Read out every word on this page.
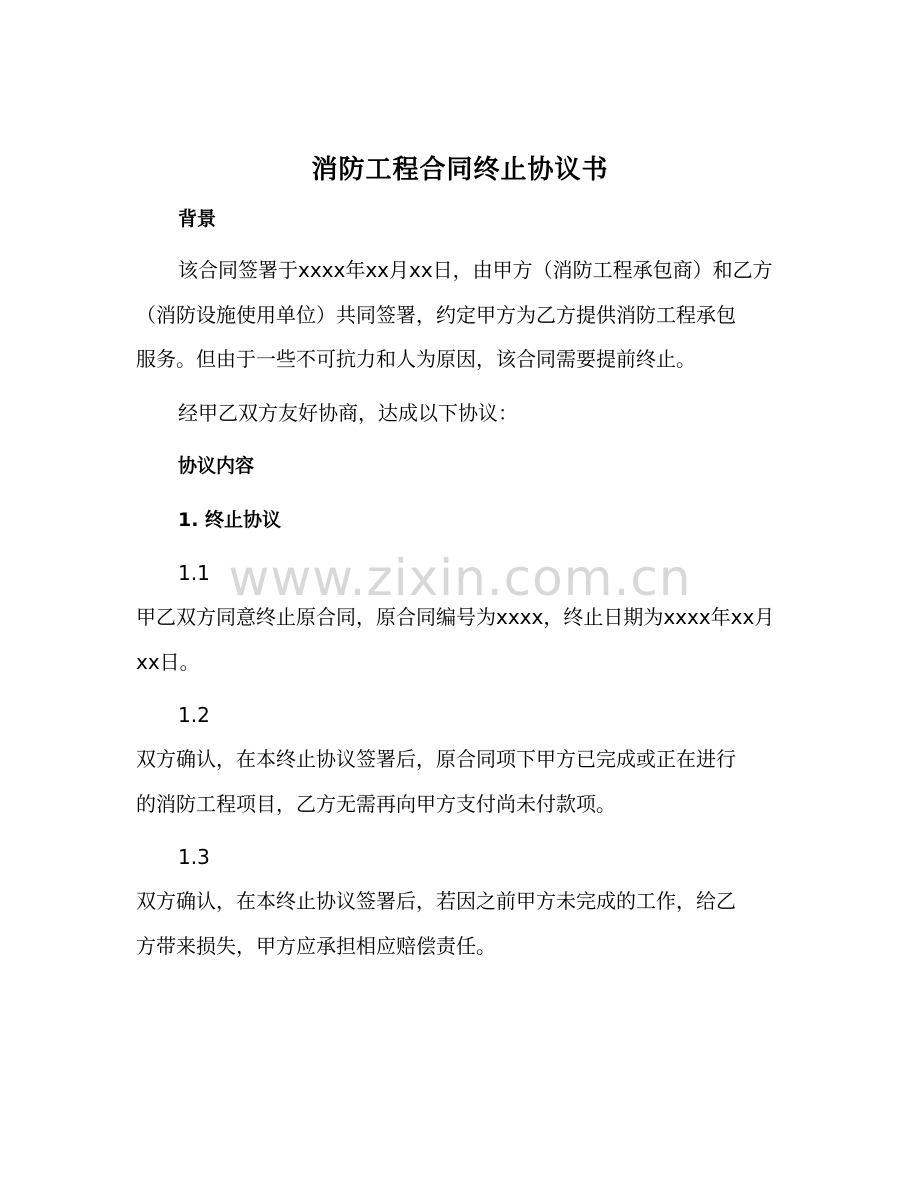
消防工程合同终止协议书
背景
该合同签署于xxxx年xx月xx日，由甲方（消防工程承包商）和乙方
（消防设施使用单位）共同签署，约定甲方为乙方提供消防工程承包
服务。但由于一些不可抗力和人为原因，该合同需要提前终止。
经甲乙双方友好协商，达成以下协议：
协议内容
1. 终止协议
www.zixin.com.cn
1.1
甲乙双方同意终止原合同，原合同编号为xxxx，终止日期为xxxx年xx月
xx日。
1.2
双方确认，在本终止协议签署后，原合同项下甲方已完成或正在进行
的消防工程项目，乙方无需再向甲方支付尚未付款项。
1.3
双方确认，在本终止协议签署后，若因之前甲方未完成的工作，给乙
方带来损失，甲方应承担相应赔偿责任。
